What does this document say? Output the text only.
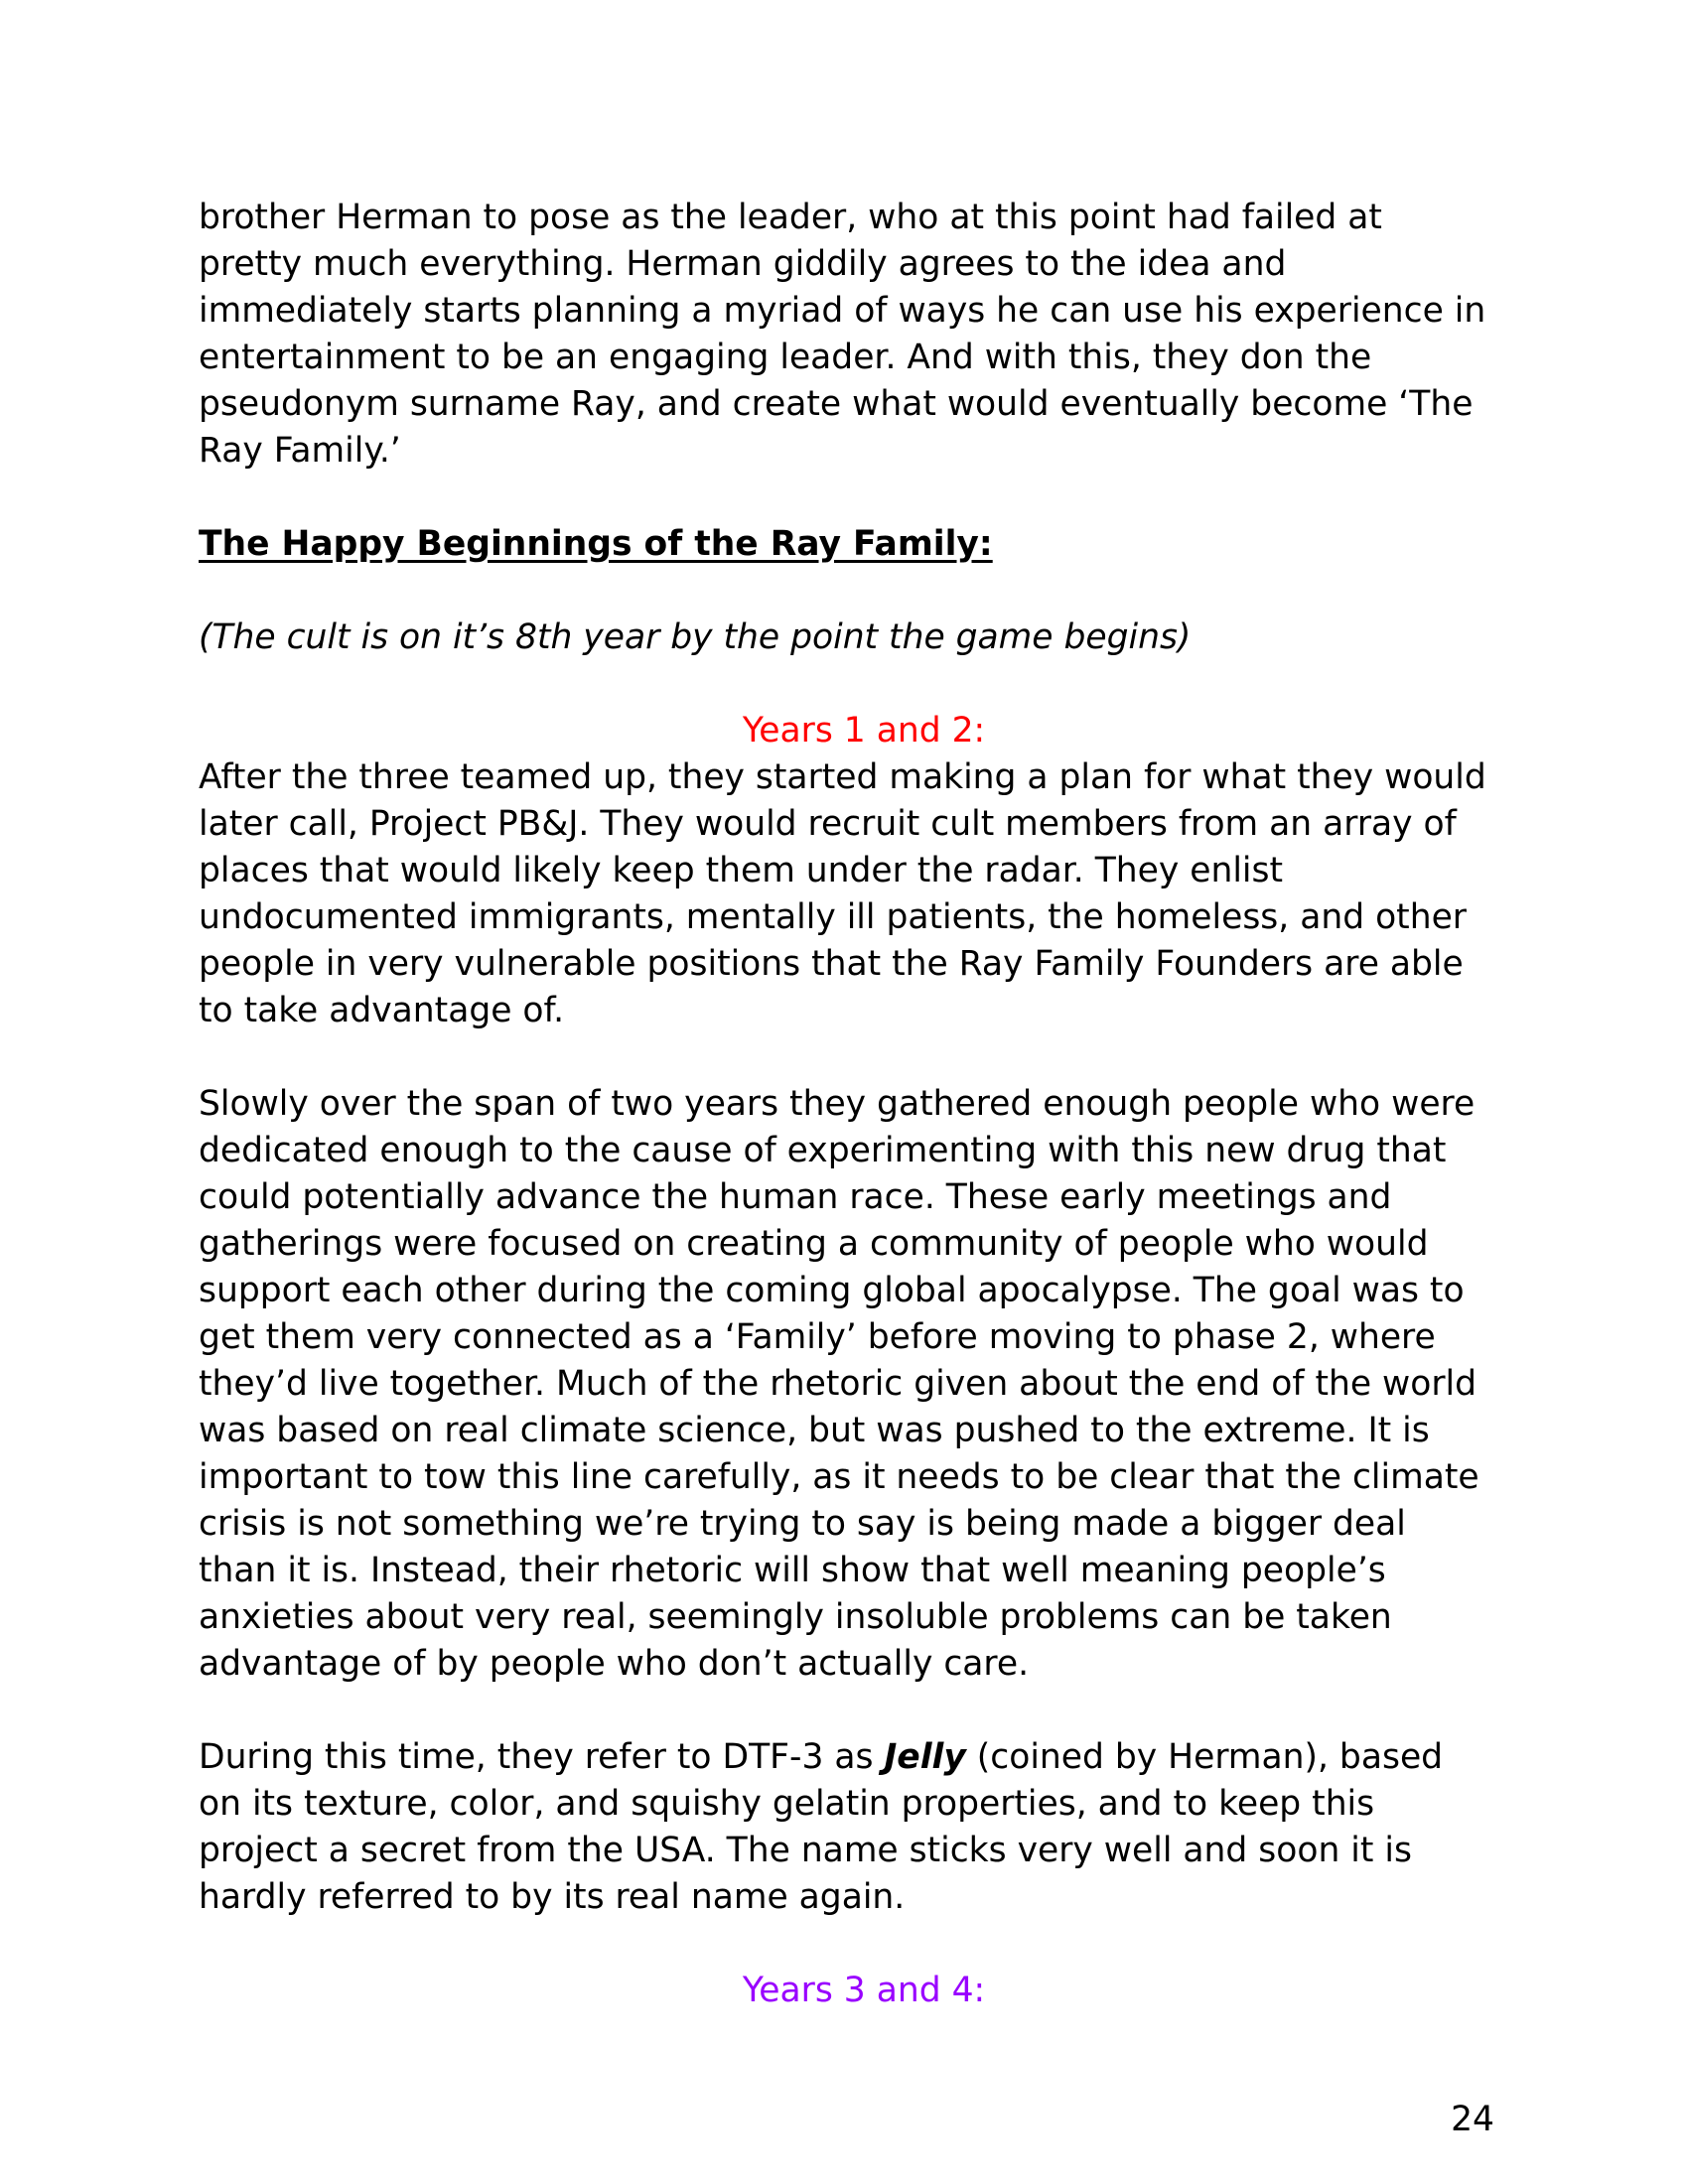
brother Herman to pose as the leader, who at this point had failed at pretty much everything. Herman giddily agrees to the idea and immediately starts planning a myriad of ways he can use his experience in entertainment to be an engaging leader. And with this, they don the pseudonym surname Ray, and create what would eventually become ‘The Ray Family.’

The Happy Beginnings of the Ray Family:

(The cult is on it’s 8th year by the point the game begins)

Years 1 and 2:

After the three teamed up, they started making a plan for what they would later call, Project PB&J. They would recruit cult members from an array of places that would likely keep them under the radar. They enlist undocumented immigrants, mentally ill patients, the homeless, and other people in very vulnerable positions that the Ray Family Founders are able to take advantage of.

Slowly over the span of two years they gathered enough people who were dedicated enough to the cause of experimenting with this new drug that could potentially advance the human race. These early meetings and gatherings were focused on creating a community of people who would support each other during the coming global apocalypse. The goal was to get them very connected as a ‘Family’ before moving to phase 2, where they’d live together. Much of the rhetoric given about the end of the world was based on real climate science, but was pushed to the extreme. It is important to tow this line carefully, as it needs to be clear that the climate crisis is not something we’re trying to say is being made a bigger deal than it is. Instead, their rhetoric will show that well meaning people’s anxieties about very real, seemingly insoluble problems can be taken advantage of by people who don’t actually care.

During this time, they refer to DTF-3 as Jelly (coined by Herman), based on its texture, color, and squishy gelatin properties, and to keep this project a secret from the USA. The name sticks very well and soon it is hardly referred to by its real name again.

Years 3 and 4:

24
